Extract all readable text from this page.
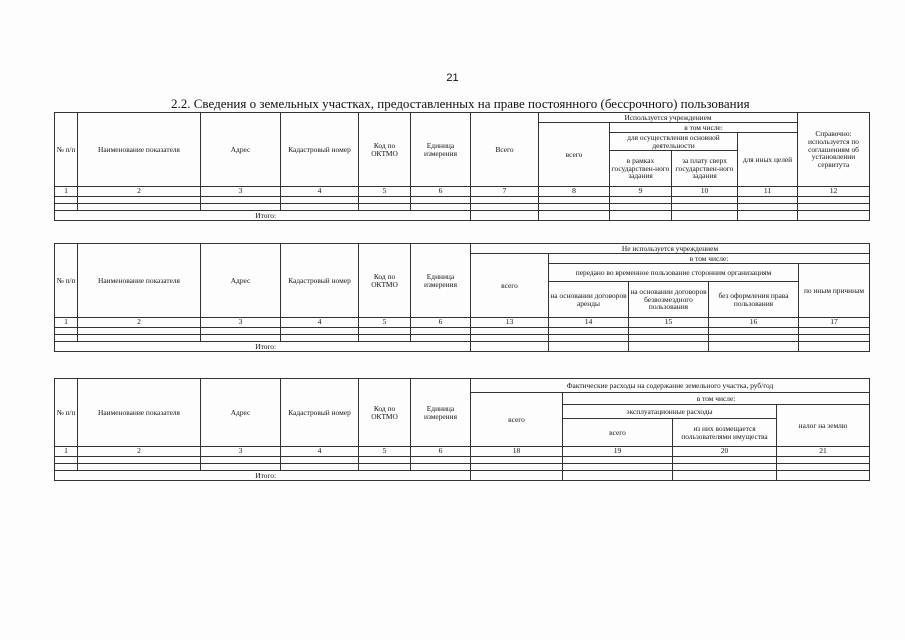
21
2.2. Сведения о земельных участках, предоставленных на праве постоянного (бессрочного) пользования
№ п/п	Наименование показателя	Адрес	Кадастровый номер	Код по ОКТМО	Единица измерения	Всего	Используется учреждением				Справочно: используется по соглашениям об установлении сервитута
							всего	в том числе:			
								для осуществления основной деятельности		для иных целей	
								в рамках государствен-ного задания	за плату сверх государствен-ного задания		
1	2	3	4	5	6	7	8	9	10	11	12

Итого:											
№ п/п	Наименование показателя	Адрес	Кадастровый номер	Код по ОКТМО	Единица измерения	Не используется учреждением				
						всего	в том числе:			
							передано во временное пользование сторонним организациям			по иным причинам
							на основании договоров аренды	на основании договоров безвозмездного пользования	без оформления права пользования	
1	2	3	4	5	6	13	14	15	16	17

Итого:										
№ п/п	Наименование показателя	Адрес	Кадастровый номер	Код по ОКТМО	Единица измерения	Фактические расходы на содержание земельного участка, руб/год			
						всего	в том числе:		
							эксплуатационные расходы		налог на землю
							всего	из них возмещается пользователями имущества	
1	2	3	4	5	6	18	19	20	21

Итого:									
